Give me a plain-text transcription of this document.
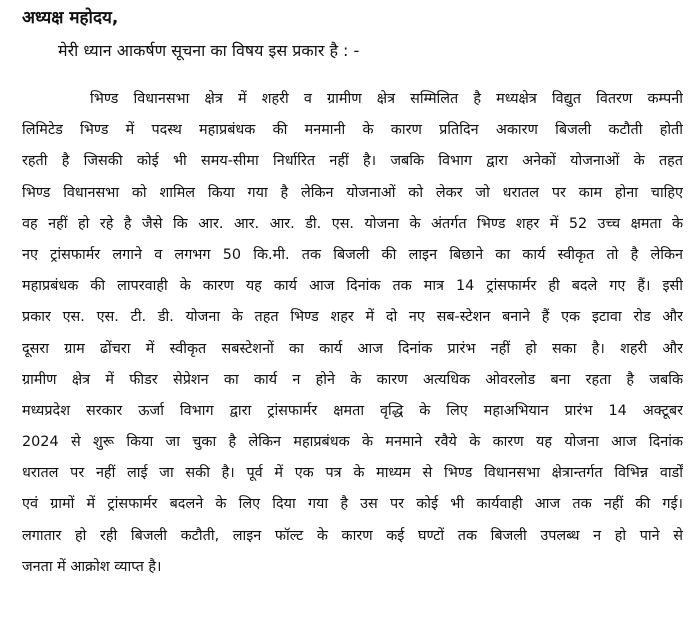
अध्यक्ष महोदय,
मेरी ध्यान आकर्षण सूचना का विषय इस प्रकार है : -
भिण्ड विधानसभा क्षेत्र में शहरी व ग्रामीण क्षेत्र सम्मिलित है मध्यक्षेत्र विद्युत वितरण कम्पनी
लिमिटेड भिण्ड में पदस्थ महाप्रबंधक की मनमानी के कारण प्रतिदिन अकारण बिजली कटौती होती
रहती है जिसकी कोई भी समय-सीमा निर्धारित नहीं है। जबकि विभाग द्वारा अनेकों योजनाओं के तहत
भिण्ड विधानसभा को शामिल किया गया है लेकिन योजनाओं को लेकर जो धरातल पर काम होना चाहिए
वह नहीं हो रहे है जैसे कि आर. आर. आर. डी. एस. योजना के अंतर्गत भिण्ड शहर में 52 उच्च क्षमता के
नए ट्रांसफार्मर लगाने व लगभग 50 कि.मी. तक बिजली की लाइन बिछाने का कार्य स्वीकृत तो है लेकिन
महाप्रबंधक की लापरवाही के कारण यह कार्य आज दिनांक तक मात्र 14 ट्रांसफार्मर ही बदले गए हैं। इसी
प्रकार एस. एस. टी. डी. योजना के तहत भिण्ड शहर में दो नए सब-स्टेशन बनाने हैं एक इटावा रोड और
दूसरा ग्राम ढोंचरा में स्वीकृत सबस्टेशनों का कार्य आज दिनांक प्रारंभ नहीं हो सका है। शहरी और
ग्रामीण क्षेत्र में फीडर सेप्रेशन का कार्य न होने के कारण अत्यधिक ओवरलोड बना रहता है जबकि
मध्यप्रदेश सरकार ऊर्जा विभाग द्वारा ट्रांसफार्मर क्षमता वृद्धि के लिए महाअभियान प्रारंभ 14 अक्टूबर
2024 से शुरू किया जा चुका है लेकिन महाप्रबंधक के मनमाने रवैये के कारण यह योजना आज दिनांक
धरातल पर नहीं लाई जा सकी है। पूर्व में एक पत्र के माध्यम से भिण्ड विधानसभा क्षेत्रान्तर्गत विभिन्न वार्डों
एवं ग्रामों में ट्रांसफार्मर बदलने के लिए दिया गया है उस पर कोई भी कार्यवाही आज तक नहीं की गई।
लगातार हो रही बिजली कटौती, लाइन फॉल्ट के कारण कई घण्टों तक बिजली उपलब्ध न हो पाने से
जनता में आक्रोश व्याप्त है।
